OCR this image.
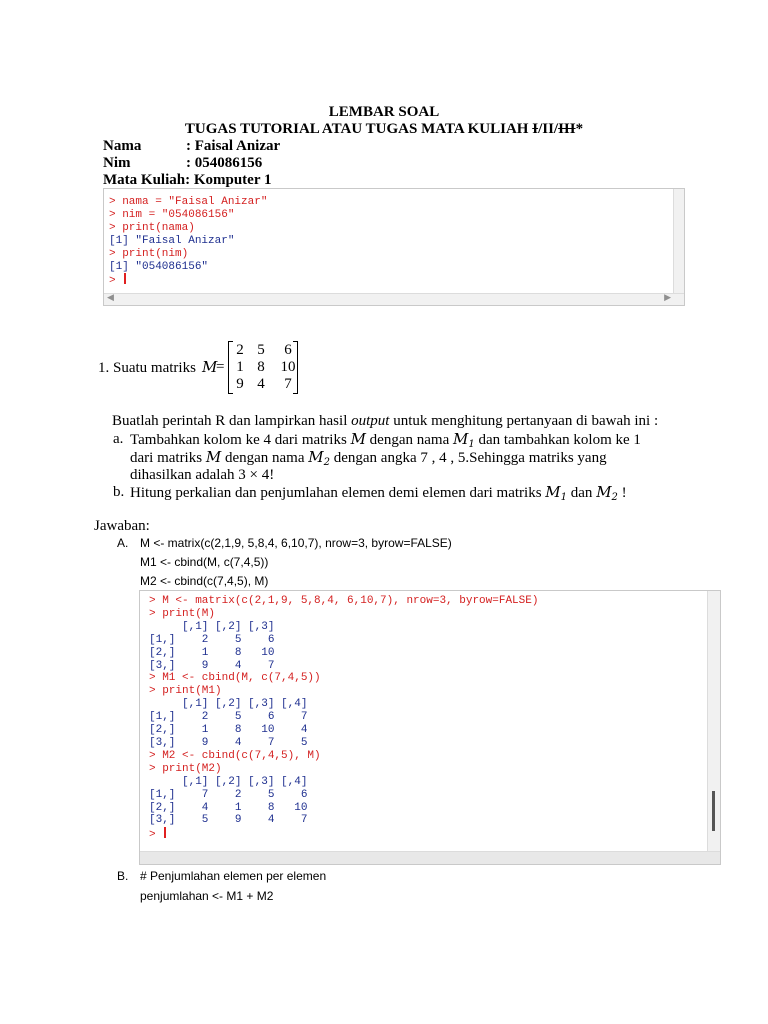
LEMBAR SOAL
TUGAS TUTORIAL ATAU TUGAS MATA KULIAH I/II/III*
Nama	: Faisal Anizar
Nim	: 054086156
Mata Kuliah: Komputer 1
> nama = "Faisal Anizar"
> nim = "054086156"
> print(nama)
[1] "Faisal Anizar"
> print(nim)
[1] "054086156"
>
◀	▶
1. Suatu matriks M
=
2 5	6
1 8	10
9 4	7
Buatlah perintah R dan lampirkan hasil output untuk menghitung pertanyaan di bawah ini :
a. Tambahkan kolom ke 4 dari matriks M dengan nama $M_1$ dan tambahkan kolom ke 1
dari matriks M dengan nama $M_2$ dengan angka 7 , 4 , 5.Sehingga matriks yang
dihasilkan adalah 3 × 4!
b. Hitung perkalian dan penjumlahan elemen demi elemen dari matriks $M_1$ dan $M_2$ !
Jawaban:
A. M <- matrix(c(2,1,9, 5,8,4, 6,10,7), nrow=3, byrow=FALSE)
M1 <- cbind(M, c(7,4,5))
M2 <- cbind(c(7,4,5), M)
> M <- matrix(c(2,1,9, 5,8,4, 6,10,7), nrow=3, byrow=FALSE)
> print(M)
[,1] [,2] [,3]
[1,]    2    5    6
[2,]    1    8   10
[3,]    9    4    7
> M1 <- cbind(M, c(7,4,5))
> print(M1)
[,1] [,2] [,3] [,4]
[1,]    2    5    6    7
[2,]    1    8   10    4
[3,]    9    4    7    5
> M2 <- cbind(c(7,4,5), M)
> print(M2)
[,1] [,2] [,3] [,4]
[1,]    7    2    5    6
[2,]    4    1    8   10
[3,]    5    9    4    7
>
B. # Penjumlahan elemen per elemen
penjumlahan <- M1 + M2
